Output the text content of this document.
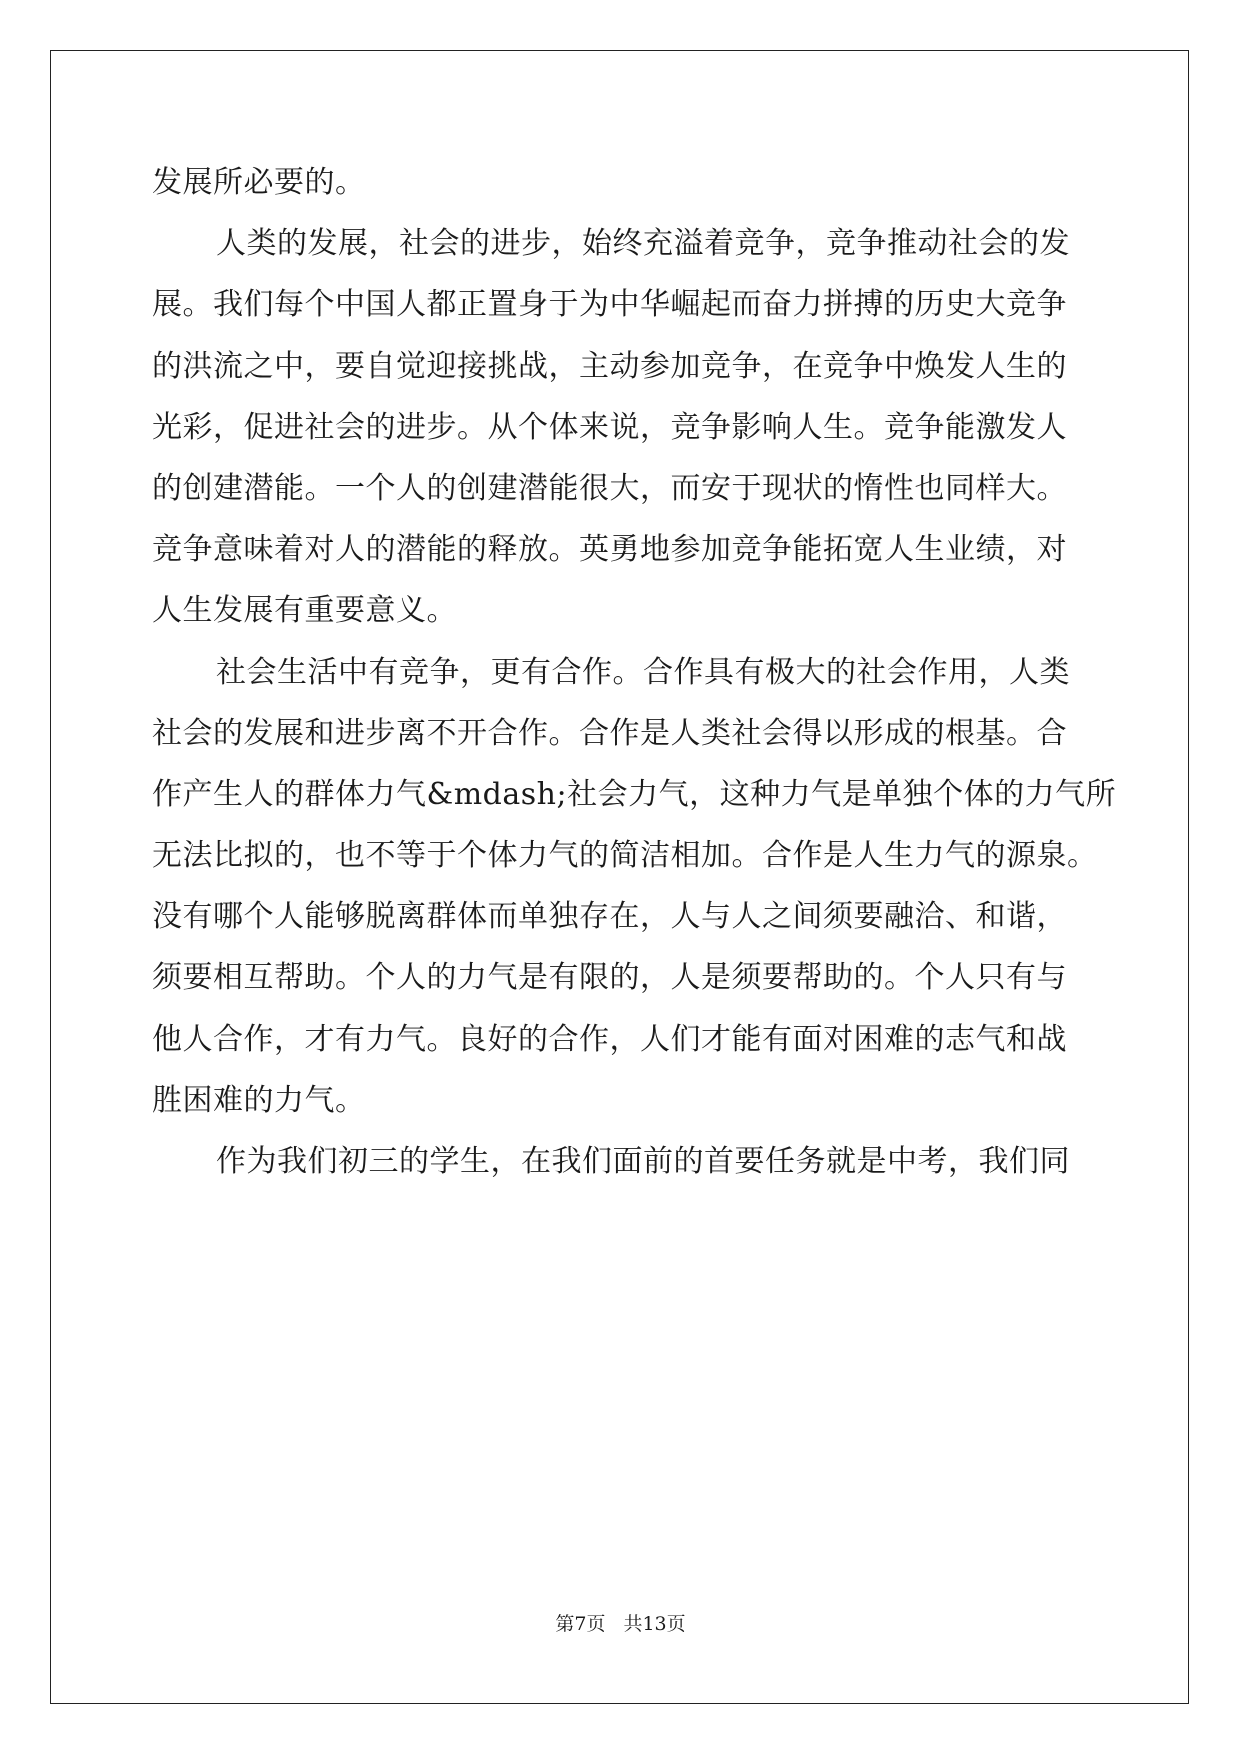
发展所必要的。
人类的发展，社会的进步，始终充溢着竞争，竞争推动社会的发
展。我们每个中国人都正置身于为中华崛起而奋力拼搏的历史大竞争
的洪流之中，要自觉迎接挑战，主动参加竞争，在竞争中焕发人生的
光彩，促进社会的进步。从个体来说，竞争影响人生。竞争能激发人
的创建潜能。一个人的创建潜能很大，而安于现状的惰性也同样大。
竞争意味着对人的潜能的释放。英勇地参加竞争能拓宽人生业绩，对
人生发展有重要意义。
社会生活中有竞争，更有合作。合作具有极大的社会作用，人类
社会的发展和进步离不开合作。合作是人类社会得以形成的根基。合
作产生人的群体力气&mdash;社会力气，这种力气是单独个体的力气所
无法比拟的，也不等于个体力气的简洁相加。合作是人生力气的源泉。
没有哪个人能够脱离群体而单独存在，人与人之间须要融洽、和谐，
须要相互帮助。个人的力气是有限的，人是须要帮助的。个人只有与
他人合作，才有力气。良好的合作，人们才能有面对困难的志气和战
胜困难的力气。
作为我们初三的学生，在我们面前的首要任务就是中考，我们同
第7页 共13页
